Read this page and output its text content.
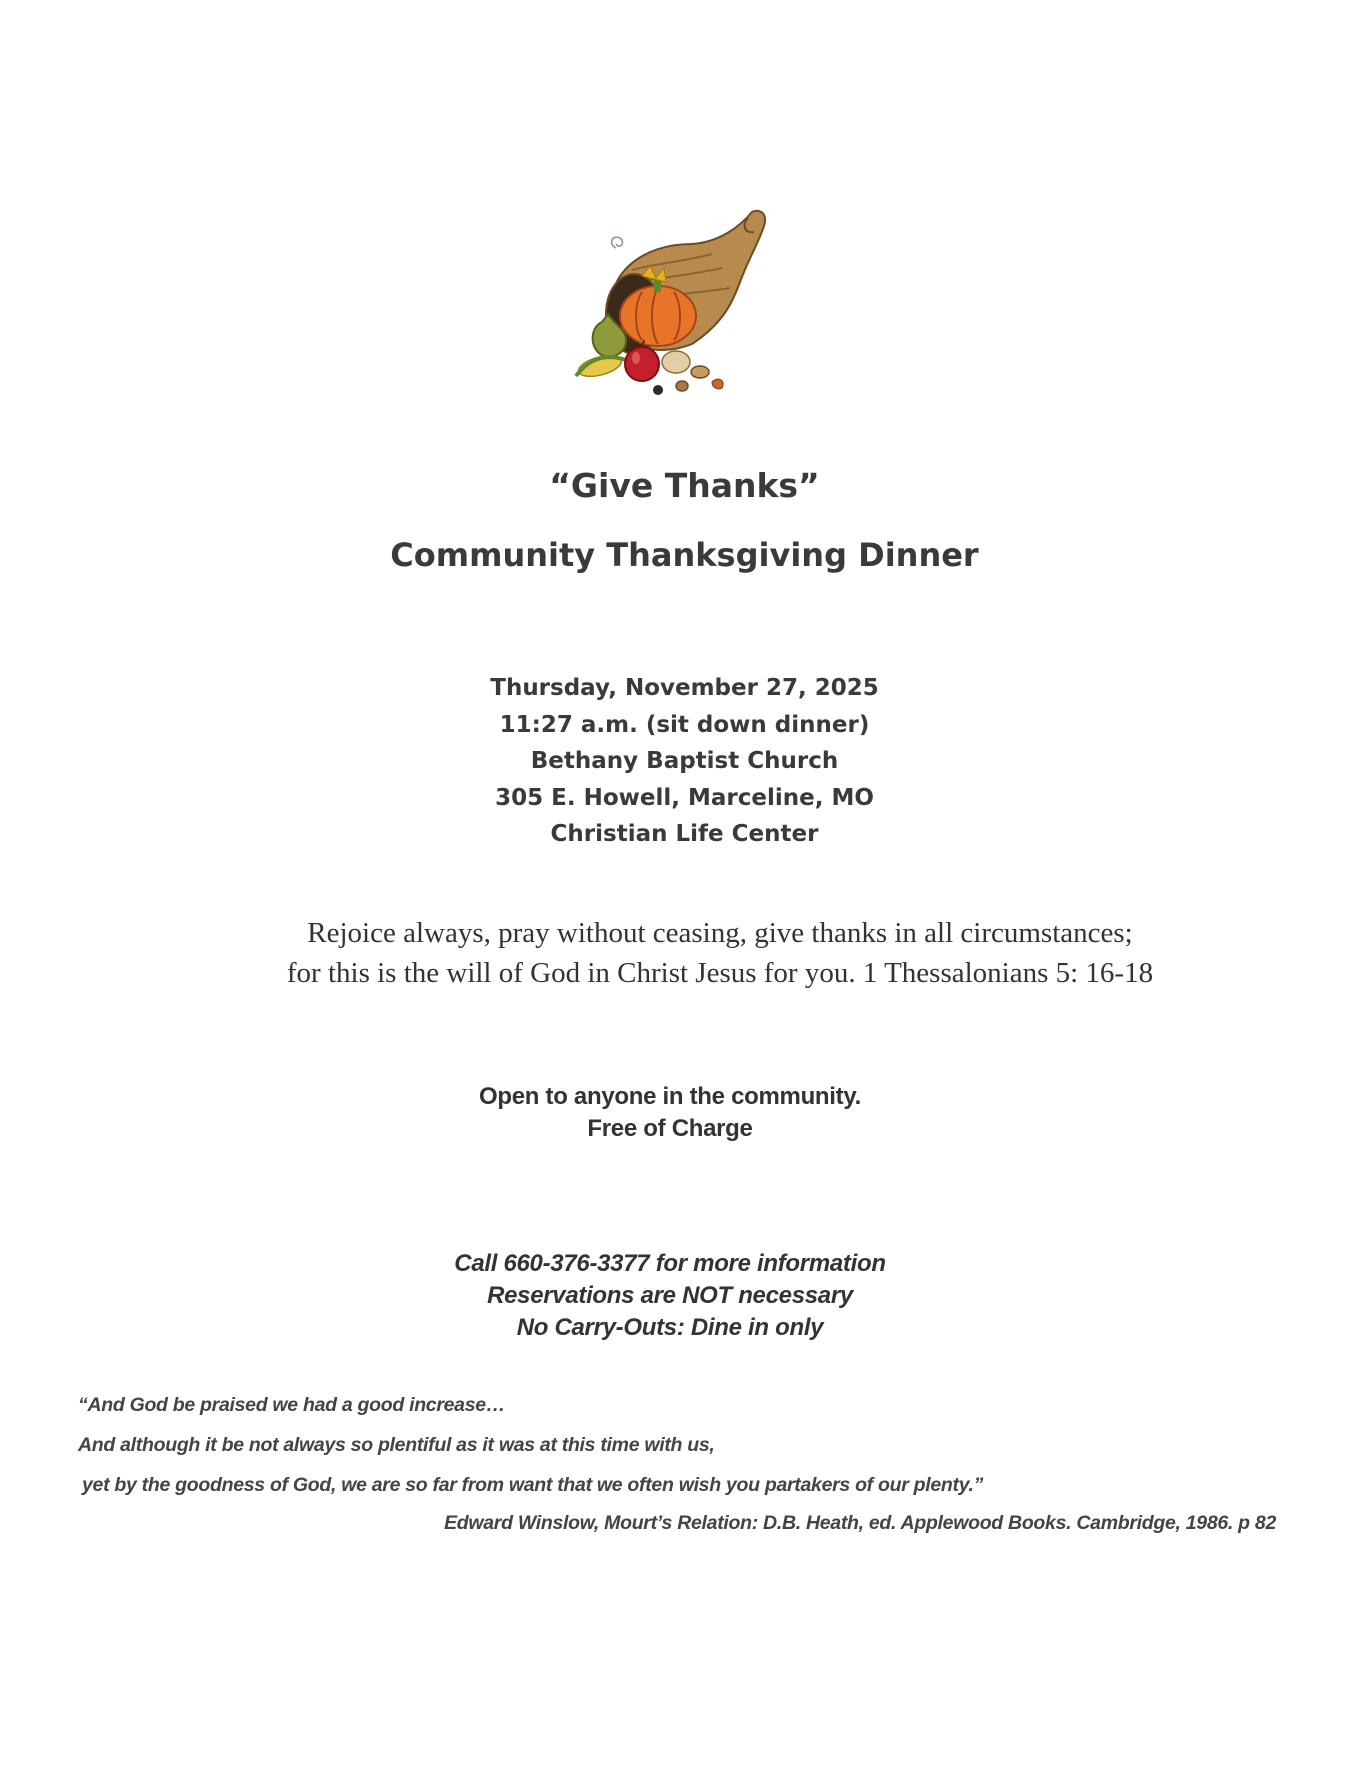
“Give Thanks”
Community Thanksgiving Dinner
Thursday, November 27, 2025
11:27 a.m. (sit down dinner)
Bethany Baptist Church
305 E. Howell, Marceline, MO
Christian Life Center
Rejoice always, pray without ceasing, give thanks in all circumstances;
for this is the will of God in Christ Jesus for you. 1 Thessalonians 5: 16-18
Open to anyone in the community.
Free of Charge
Call 660-376-3377 for more information
Reservations are NOT necessary
No Carry-Outs: Dine in only
“And God be praised we had a good increase…
And although it be not always so plentiful as it was at this time with us,
yet by the goodness of God, we are so far from want that we often wish you partakers of our plenty.”
Edward Winslow, Mourt’s Relation: D.B. Heath, ed. Applewood Books. Cambridge, 1986. p 82
